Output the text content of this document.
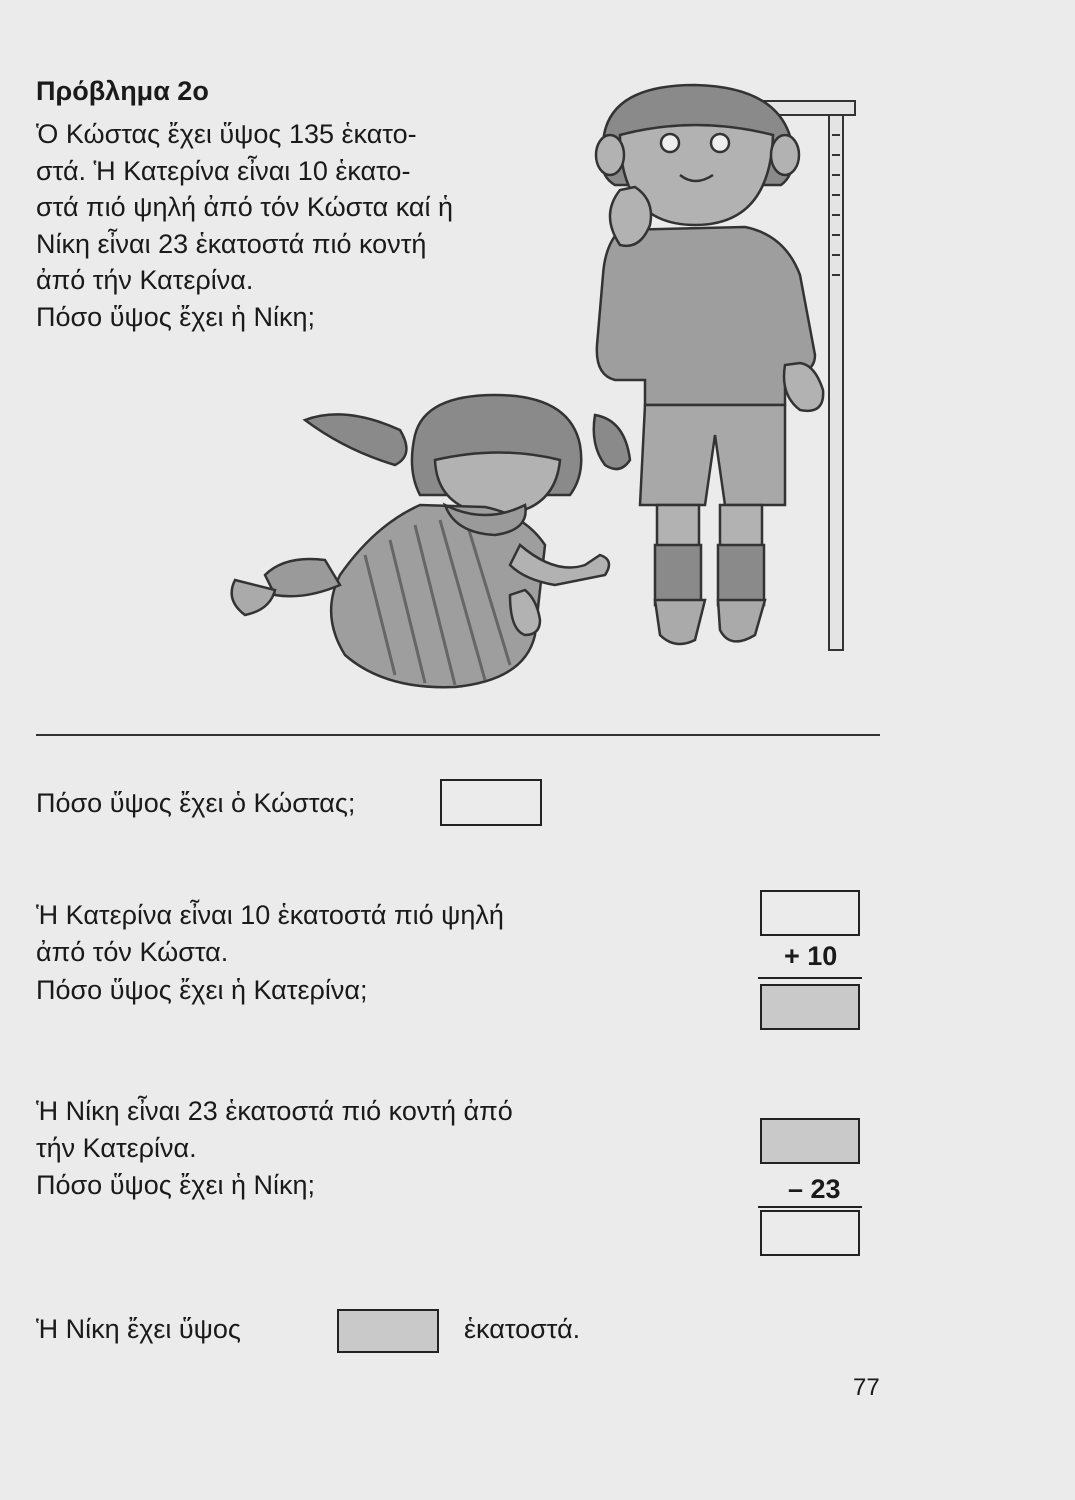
Πρόβλημα 2ο
Ὁ Κώστας ἔχει ὕψος 135 ἑκατο-
στά. Ἡ Κατερίνα εἶναι 10 ἑκατο-
στά πιό ψηλή ἀπό τόν Κώστα καί ἡ
Νίκη εἶναι 23 ἑκατοστά πιό κοντή
ἀπό τήν Κατερίνα.
Πόσο ὕψος ἔχει ἡ Νίκη;
Πόσο ὕψος ἔχει ὁ Κώστας;
Ἡ Κατερίνα εἶναι 10 ἑκατοστά πιό ψηλή
ἀπό τόν Κώστα.
Πόσο ὕψος ἔχει ἡ Κατερίνα;
+ 10
Ἡ Νίκη εἶναι 23 ἑκατοστά πιό κοντή ἀπό
τήν Κατερίνα.
Πόσο ὕψος ἔχει ἡ Νίκη;	– 23
Ἡ Νίκη ἔχει ὕψος	ἑκατοστά.
77
